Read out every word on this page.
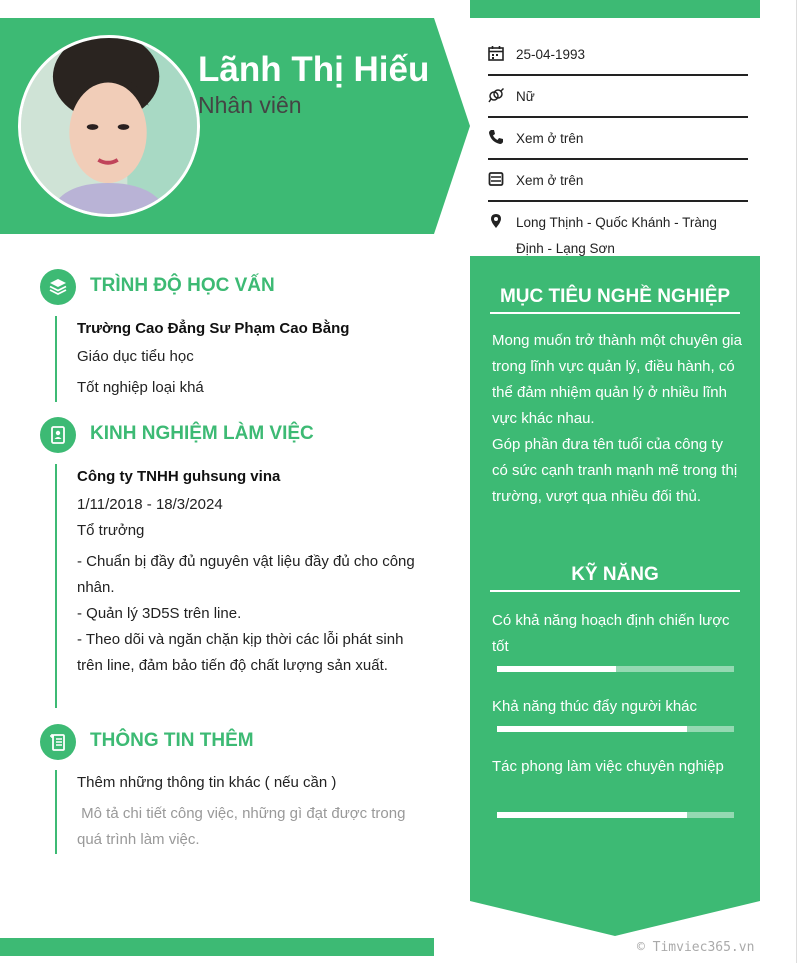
Lãnh Thị Hiếu
Nhân viên
25-04-1993
Nữ
Xem ở trên
Xem ở trên
Long Thịnh - Quốc Khánh - Tràng Định - Lạng Sơn
MỤC TIÊU NGHỀ NGHIỆP
Mong muốn trở thành một chuyên gia trong lĩnh vực quản lý, điều hành, có thể đảm nhiệm quản lý ở nhiều lĩnh vực khác nhau.
Góp phần đưa tên tuổi của công ty có sức cạnh tranh mạnh mẽ trong thị trường, vượt qua nhiều đối thủ.
KỸ NĂNG
Có khả năng hoạch định chiến lược tốt
Khả năng thúc đẩy người khác
Tác phong làm việc chuyên nghiệp
TRÌNH ĐỘ HỌC VẤN
Trường Cao Đẳng Sư Phạm Cao Bằng
Giáo dục tiểu học
Tốt nghiệp loại khá
KINH NGHIỆM LÀM VIỆC
Công ty TNHH guhsung vina
1/11/2018 - 18/3/2024
Tổ trưởng
- Chuẩn bị đầy đủ nguyên vật liệu đầy đủ cho công nhân.
- Quản lý 3D5S trên line.
- Theo dõi và ngăn chặn kịp thời các lỗi phát sinh trên line, đảm bảo tiến độ chất lượng sản xuất.
THÔNG TIN THÊM
Thêm những thông tin khác ( nếu cần )
Mô tả chi tiết công việc, những gì đạt được trong quá trình làm việc.
© Timviec365.vn
